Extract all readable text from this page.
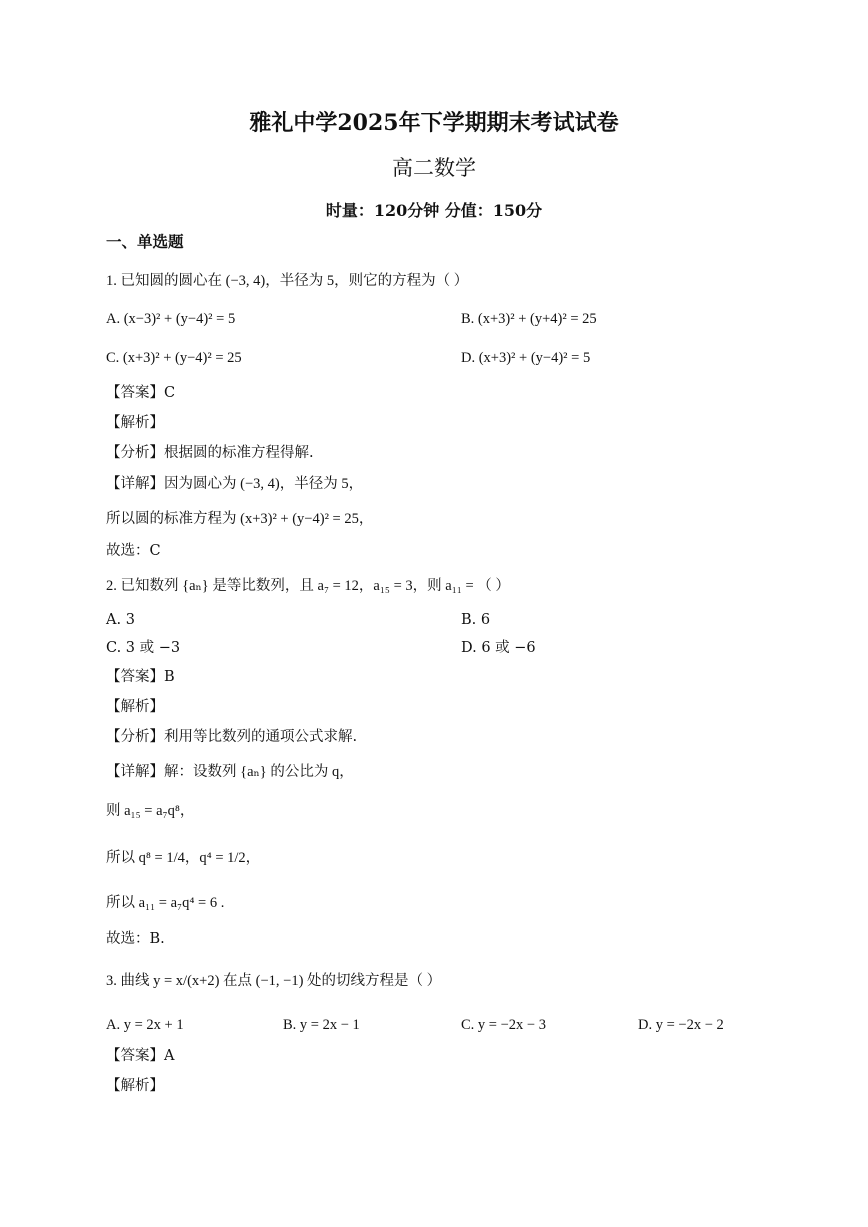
雅礼中学2025年下学期期末考试试卷
高二数学
时量：120分钟 分值：150分
一、单选题
1. 已知圆的圆心在 (−3, 4)，半径为 5，则它的方程为（ ）
A. (x−3)² + (y−4)² = 5	B. (x+3)² + (y+4)² = 25
C. (x+3)² + (y−4)² = 25	D. (x+3)² + (y−4)² = 5
【答案】C
【解析】
【分析】根据圆的标准方程得解.
【详解】因为圆心为 (−3, 4)，半径为 5，
所以圆的标准方程为 (x+3)² + (y−4)² = 25，
故选：C
2. 已知数列 {aₙ} 是等比数列，且 a₇ = 12，a₁₅ = 3，则 a₁₁ = （ ）
A. 3	B. 6
C. 3 或 −3	D. 6 或 −6
【答案】B
【解析】
【分析】利用等比数列的通项公式求解.
【详解】解：设数列 {aₙ} 的公比为 q，
则 a₁₅ = a₇q⁸，
所以 q⁸ = 1/4，q⁴ = 1/2，
所以 a₁₁ = a₇q⁴ = 6 .
故选：B.
3. 曲线 y = x/(x+2) 在点 (−1, −1) 处的切线方程是（ ）
A. y = 2x + 1	B. y = 2x − 1	C. y = −2x − 3	D. y = −2x − 2
【答案】A
【解析】
